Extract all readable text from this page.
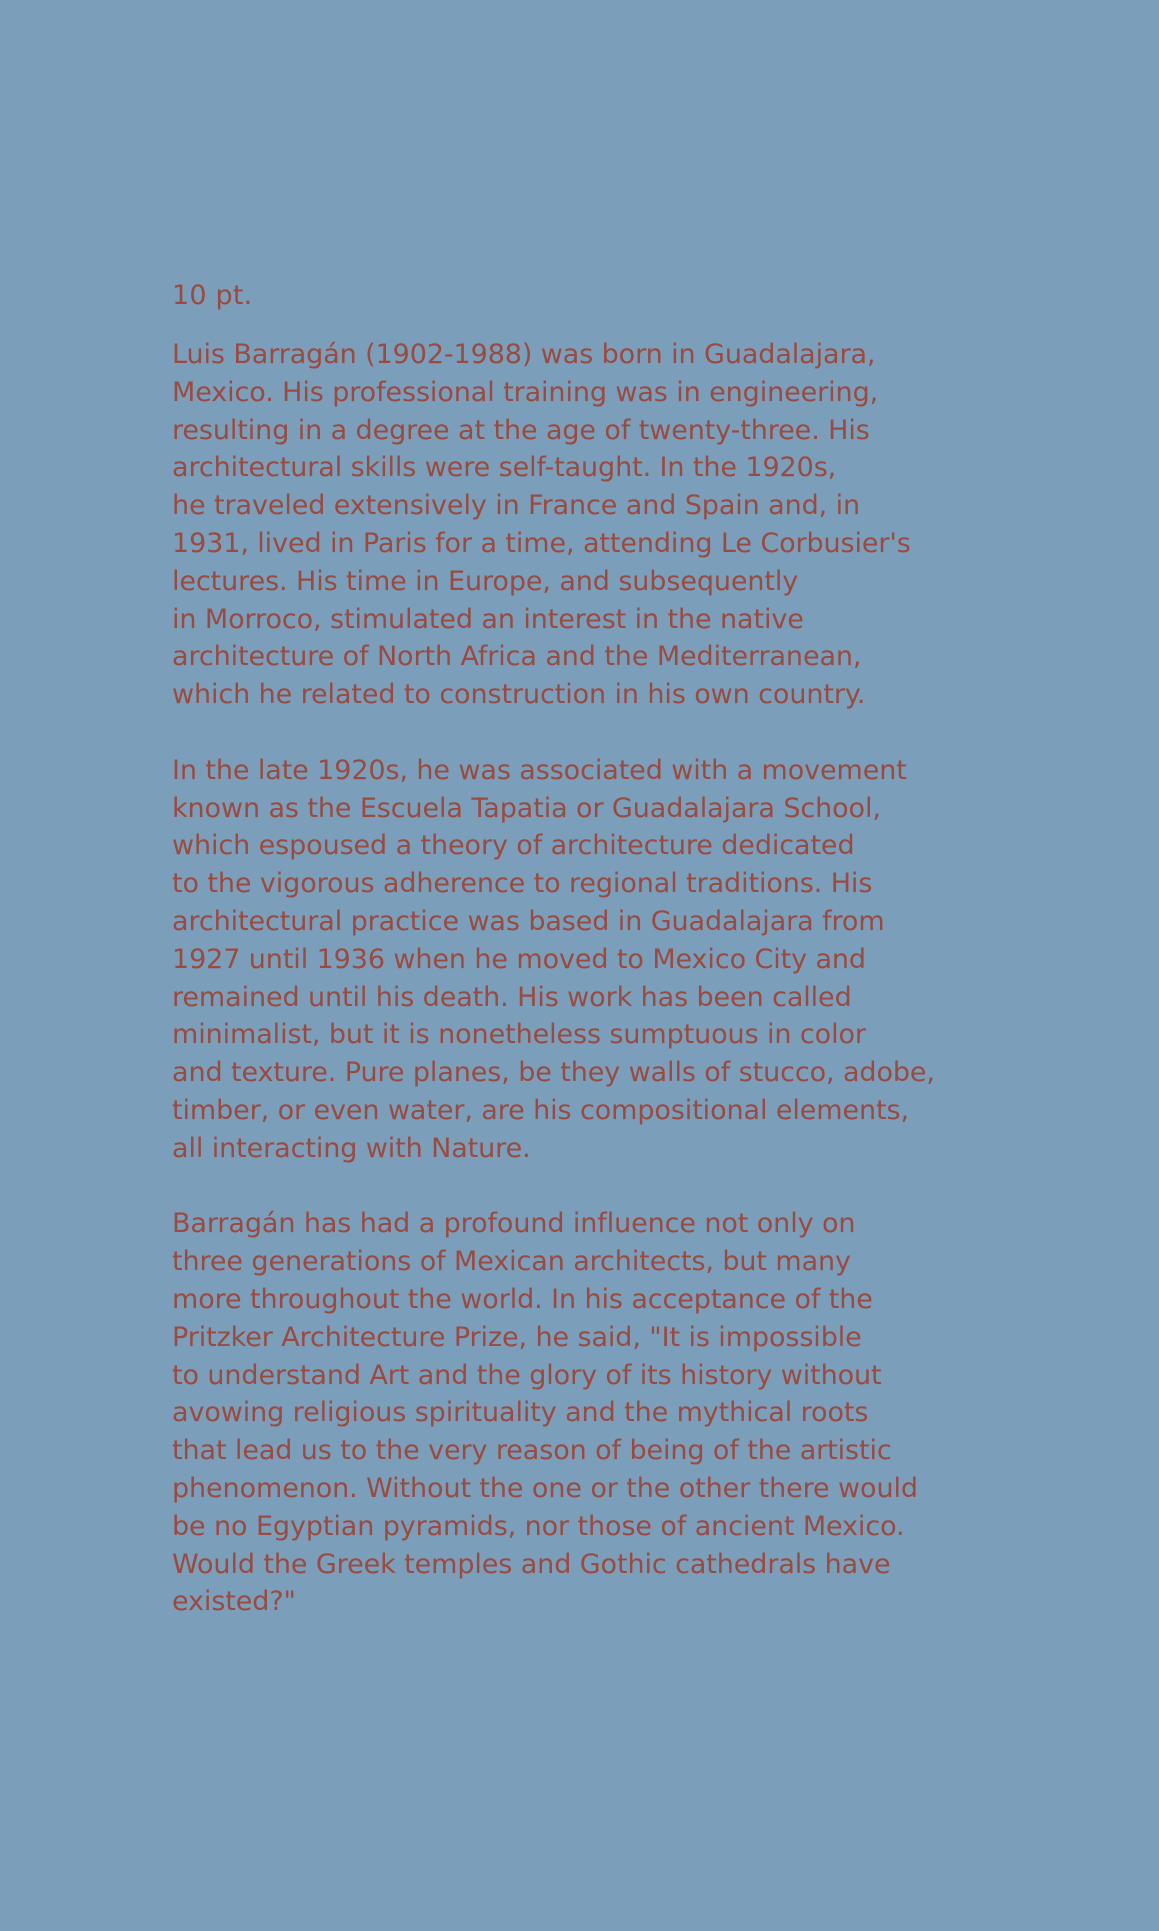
10 pt.
Luis Barragán (1902-1988) was born in Guadalajara,
Mexico. His professional training was in engineering,
resulting in a degree at the age of twenty-three. His
architectural skills were self-taught. In the 1920s,
he traveled extensively in France and Spain and, in
1931, lived in Paris for a time, attending Le Corbusier's
lectures. His time in Europe, and subsequently
in Morroco, stimulated an interest in the native
architecture of North Africa and the Mediterranean,
which he related to construction in his own country.
In the late 1920s, he was associated with a movement
known as the Escuela Tapatia or Guadalajara School,
which espoused a theory of architecture dedicated
to the vigorous adherence to regional traditions. His
architectural practice was based in Guadalajara from
1927 until 1936 when he moved to Mexico City and
remained until his death. His work has been called
minimalist, but it is nonetheless sumptuous in color
and texture. Pure planes, be they walls of stucco, adobe,
timber, or even water, are his compositional elements,
all interacting with Nature.
Barragán has had a profound influence not only on
three generations of Mexican architects, but many
more throughout the world. In his acceptance of the
Pritzker Architecture Prize, he said, "It is impossible
to understand Art and the glory of its history without
avowing religious spirituality and the mythical roots
that lead us to the very reason of being of the artistic
phenomenon. Without the one or the other there would
be no Egyptian pyramids, nor those of ancient Mexico.
Would the Greek temples and Gothic cathedrals have
existed?"
